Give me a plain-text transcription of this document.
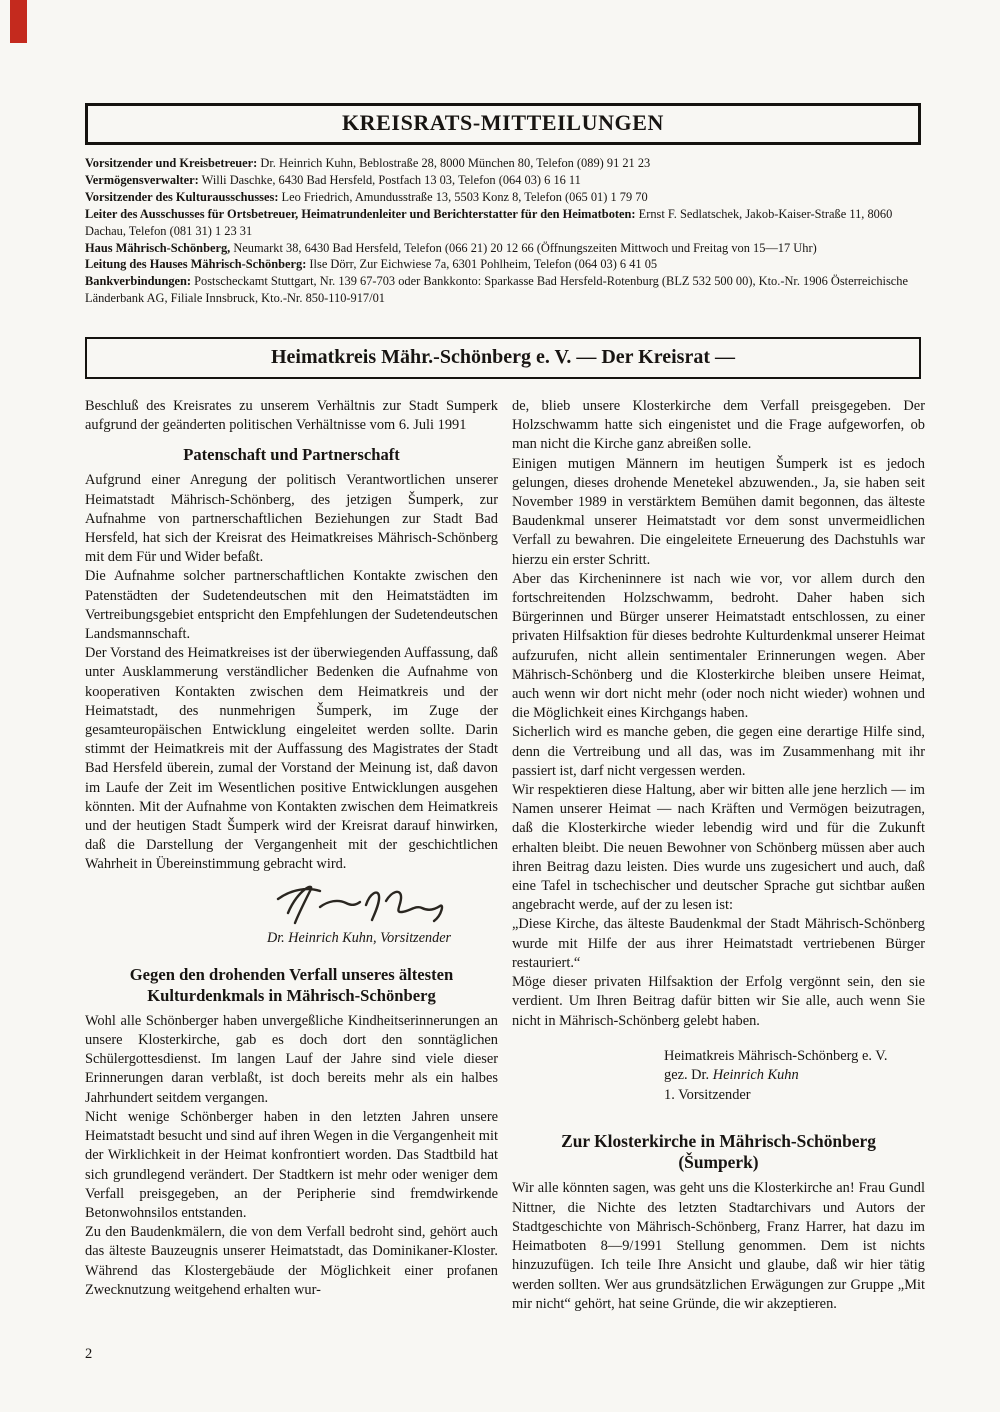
KREISRATS-MITTEILUNGEN
Vorsitzender und Kreisbetreuer: Dr. Heinrich Kuhn, Beblostraße 28, 8000 München 80, Telefon (089) 91 21 23
Vermögensverwalter: Willi Daschke, 6430 Bad Hersfeld, Postfach 13 03, Telefon (064 03) 6 16 11
Vorsitzender des Kulturausschusses: Leo Friedrich, Amundusstraße 13, 5503 Konz 8, Telefon (065 01) 1 79 70
Leiter des Ausschusses für Ortsbetreuer, Heimatrundenleiter und Berichterstatter für den Heimatboten: Ernst F. Sedlatschek, Jakob-Kaiser-Straße 11, 8060 Dachau, Telefon (081 31) 1 23 31
Haus Mährisch-Schönberg, Neumarkt 38, 6430 Bad Hersfeld, Telefon (066 21) 20 12 66 (Öffnungszeiten Mittwoch und Freitag von 15—17 Uhr)
Leitung des Hauses Mährisch-Schönberg: Ilse Dörr, Zur Eichwiese 7a, 6301 Pohlheim, Telefon (064 03) 6 41 05
Bankverbindungen: Postscheckamt Stuttgart, Nr. 139 67-703 oder Bankkonto: Sparkasse Bad Hersfeld-Rotenburg (BLZ 532 500 00), Kto.-Nr. 1906 Österreichische Länderbank AG, Filiale Innsbruck, Kto.-Nr. 850-110-917/01
Heimatkreis Mähr.-Schönberg e. V. — Der Kreisrat —

Beschluß des Kreisrates zu unserem Verhältnis zur Stadt Sumperk aufgrund der geänderten politischen Verhältnisse vom 6. Juli 1991

Patenschaft und Partnerschaft

Aufgrund einer Anregung der politisch Verantwortlichen unserer Heimatstadt Mährisch-Schönberg, des jetzigen Šumperk, zur Aufnahme von partnerschaftlichen Beziehungen zur Stadt Bad Hersfeld, hat sich der Kreisrat des Heimatkreises Mährisch-Schönberg mit dem Für und Wider befaßt.

Die Aufnahme solcher partnerschaftlichen Kontakte zwischen den Patenstädten der Sudetendeutschen mit den Heimatstädten im Vertreibungsgebiet entspricht den Empfehlungen der Sudetendeutschen Landsmannschaft.

Der Vorstand des Heimatkreises ist der überwiegenden Auffassung, daß unter Ausklammerung verständlicher Bedenken die Aufnahme von kooperativen Kontakten zwischen dem Heimatkreis und der Heimatstadt, des nunmehrigen Šumperk, im Zuge der gesamteuropäischen Entwicklung eingeleitet werden sollte. Darin stimmt der Heimatkreis mit der Auffassung des Magistrates der Stadt Bad Hersfeld überein, zumal der Vorstand der Meinung ist, daß davon im Laufe der Zeit im Wesentlichen positive Entwicklungen ausgehen könnten. Mit der Aufnahme von Kontakten zwischen dem Heimatkreis und der heutigen Stadt Šumperk wird der Kreisrat darauf hinwirken, daß die Darstellung der Vergangenheit mit der geschichtlichen Wahrheit in Übereinstimmung gebracht wird.

Dr. Heinrich Kuhn, Vorsitzender
Gegen den drohenden Verfall unseres ältesten
Kulturdenkmals in Mährisch-Schönberg

Wohl alle Schönberger haben unvergeßliche Kindheitserinnerungen an unsere Klosterkirche, gab es doch dort den sonntäglichen Schülergottesdienst. Im langen Lauf der Jahre sind viele dieser Erinnerungen daran verblaßt, ist doch bereits mehr als ein halbes Jahrhundert seitdem vergangen.

Nicht wenige Schönberger haben in den letzten Jahren unsere Heimatstadt besucht und sind auf ihren Wegen in die Vergangenheit mit der Wirklichkeit in der Heimat konfrontiert worden. Das Stadtbild hat sich grundlegend verändert. Der Stadtkern ist mehr oder weniger dem Verfall preisgegeben, an der Peripherie sind fremdwirkende Betonwohnsilos entstanden.

Zu den Baudenkmälern, die von dem Verfall bedroht sind, gehört auch das älteste Bauzeugnis unserer Heimatstadt, das Dominikaner-Kloster. Während das Klostergebäude der Möglichkeit einer profanen Zwecknutzung weitgehend erhalten wur-

de, blieb unsere Klosterkirche dem Verfall preisgegeben. Der Holzschwamm hatte sich eingenistet und die Frage aufgeworfen, ob man nicht die Kirche ganz abreißen solle.

Einigen mutigen Männern im heutigen Šumperk ist es jedoch gelungen, dieses drohende Menetekel abzuwenden., Ja, sie haben seit November 1989 in verstärktem Bemühen damit begonnen, das älteste Baudenkmal unserer Heimatstadt vor dem sonst unvermeidlichen Verfall zu bewahren. Die eingeleitete Erneuerung des Dachstuhls war hierzu ein erster Schritt.

Aber das Kircheninnere ist nach wie vor, vor allem durch den fortschreitenden Holzschwamm, bedroht. Daher haben sich Bürgerinnen und Bürger unserer Heimatstadt entschlossen, zu einer privaten Hilfsaktion für dieses bedrohte Kulturdenkmal unserer Heimat aufzurufen, nicht allein sentimentaler Erinnerungen wegen. Aber Mährisch-Schönberg und die Klosterkirche bleiben unsere Heimat, auch wenn wir dort nicht mehr (oder noch nicht wieder) wohnen und die Möglichkeit eines Kirchgangs haben.

Sicherlich wird es manche geben, die gegen eine derartige Hilfe sind, denn die Vertreibung und all das, was im Zusammenhang mit ihr passiert ist, darf nicht vergessen werden.

Wir respektieren diese Haltung, aber wir bitten alle jene herzlich — im Namen unserer Heimat — nach Kräften und Vermögen beizutragen, daß die Klosterkirche wieder lebendig wird und für die Zukunft erhalten bleibt. Die neuen Bewohner von Schönberg müssen aber auch ihren Beitrag dazu leisten. Dies wurde uns zugesichert und auch, daß eine Tafel in tschechischer und deutscher Sprache gut sichtbar außen angebracht werde, auf der zu lesen ist:

„Diese Kirche, das älteste Baudenkmal der Stadt Mährisch-Schönberg wurde mit Hilfe der aus ihrer Heimatstadt vertriebenen Bürger restauriert.“

Möge dieser privaten Hilfsaktion der Erfolg vergönnt sein, den sie verdient. Um Ihren Beitrag dafür bitten wir Sie alle, auch wenn Sie nicht in Mährisch-Schönberg gelebt haben.

Heimatkreis Mährisch-Schönberg e. V.
gez. Dr. Heinrich Kuhn
1. Vorsitzender
Zur Klosterkirche in Mährisch-Schönberg
(Šumperk)

Wir alle könnten sagen, was geht uns die Klosterkirche an! Frau Gundl Nittner, die Nichte des letzten Stadtarchivars und Autors der Stadtgeschichte von Mährisch-Schönberg, Franz Harrer, hat dazu im Heimatboten 8—9/1991 Stellung genommen. Dem ist nichts hinzuzufügen. Ich teile Ihre Ansicht und glaube, daß wir hier tätig werden sollten. Wer aus grundsätzlichen Erwägungen zur Gruppe „Mit mir nicht“ gehört, hat seine Gründe, die wir akzeptieren.

2
